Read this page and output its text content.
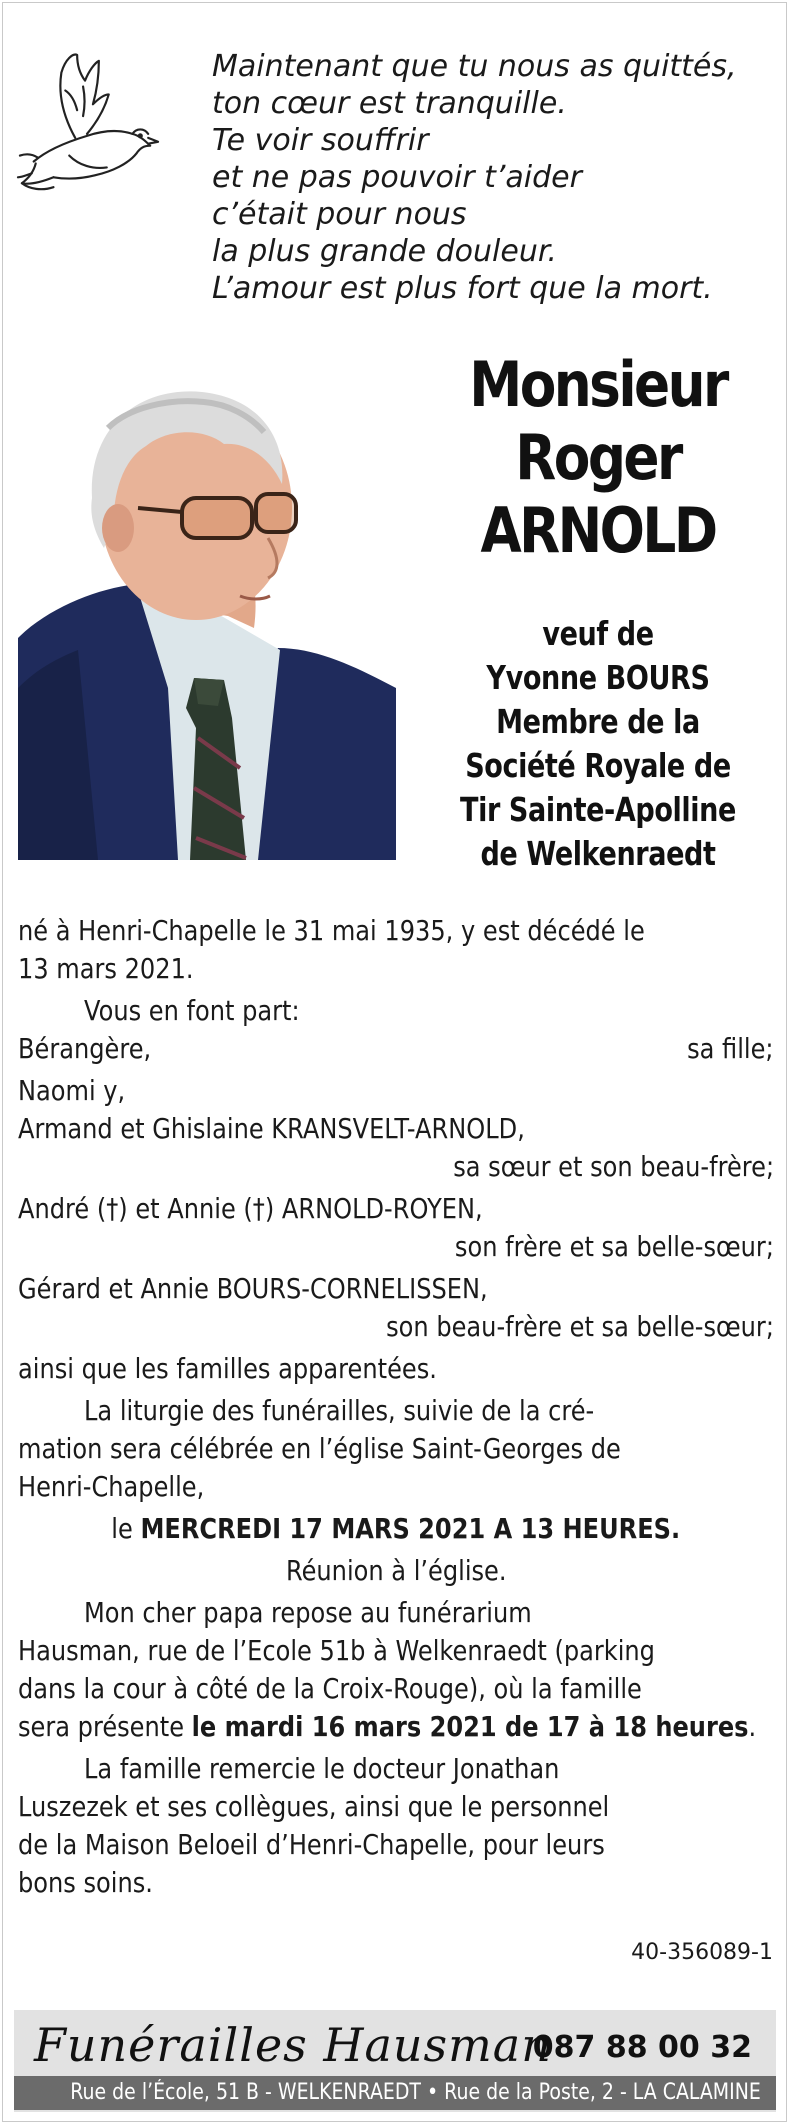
Maintenant que tu nous as quittés,
ton cœur est tranquille.
Te voir souffrir
et ne pas pouvoir t’aider
c’était pour nous
la plus grande douleur.
L’amour est plus fort que la mort.
Monsieur
Roger
ARNOLD
veuf de
Yvonne BOURS
Membre de la
Société Royale de
Tir Sainte-Apolline
de Welkenraedt
né à Henri-Chapelle le 31 mai 1935, y est décédé le
13 mars 2021.
Vous en font part:
Bérangère,	sa fille;
Naomi y,
Armand et Ghislaine KRANSVELT-ARNOLD,
sa sœur et son beau-frère;
André (†) et Annie (†) ARNOLD-ROYEN,
son frère et sa belle-sœur;
Gérard et Annie BOURS-CORNELISSEN,
son beau-frère et sa belle-sœur;
ainsi que les familles apparentées.
La liturgie des funérailles, suivie de la cré-
mation sera célébrée en l’église Saint-Georges de
Henri-Chapelle,
le MERCREDI 17 MARS 2021 A 13 HEURES.
Réunion à l’église.
Mon cher papa repose au funérarium
Hausman, rue de l’Ecole 51b à Welkenraedt (parking
dans la cour à côté de la Croix-Rouge), où la famille
sera présente le mardi 16 mars 2021 de 17 à 18 heures.
La famille remercie le docteur Jonathan
Luszezek et ses collègues, ainsi que le personnel
de la Maison Beloeil d’Henri-Chapelle, pour leurs
bons soins.
40-356089-1
Funérailles Hausman
087 88 00 32
Rue de l’École, 51 B - WELKENRAEDT • Rue de la Poste, 2 - LA CALAMINE
